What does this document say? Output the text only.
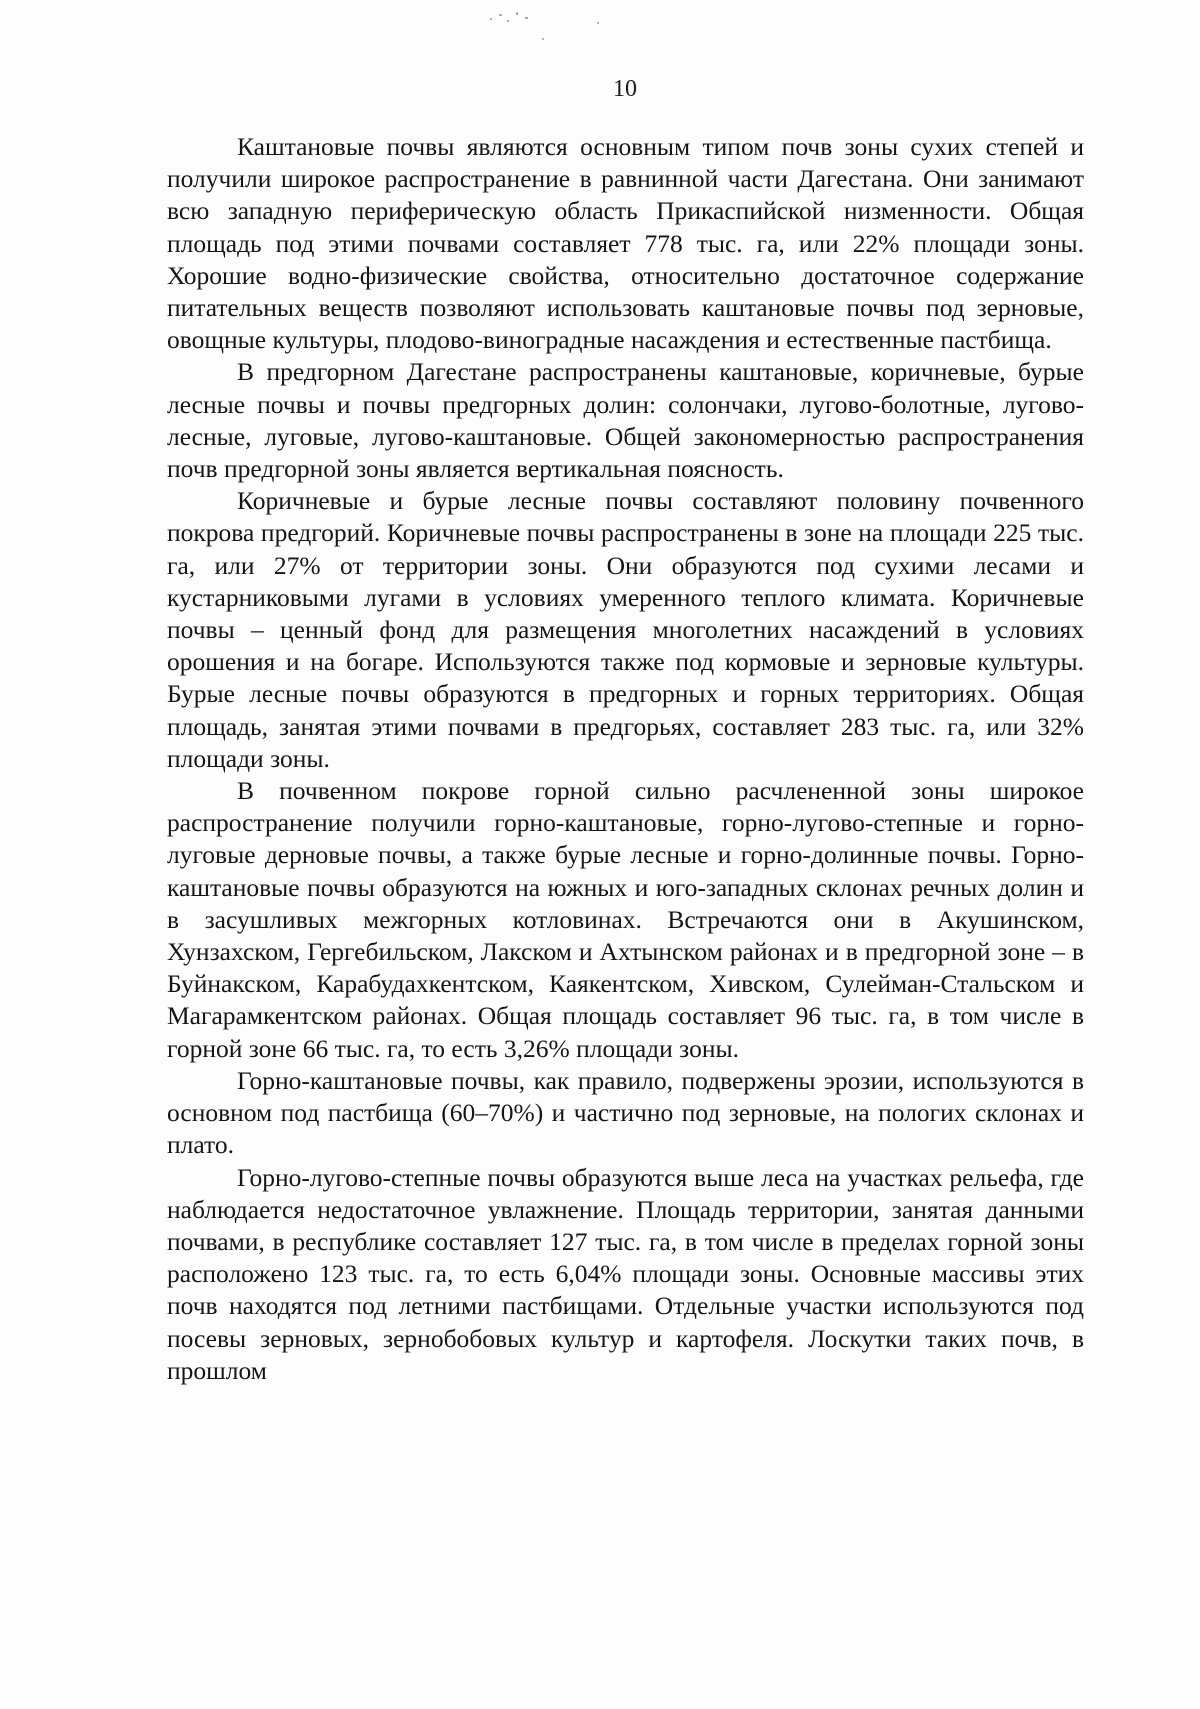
10

Каштановые почвы являются основным типом почв зоны сухих степей и получили широкое распространение в равнинной части Дагестана. Они занимают всю западную периферическую область Прикаспийской низменности. Общая площадь под этими почвами составляет 778 тыс. га, или 22% площади зоны. Хорошие водно-физические свойства, относительно достаточное содержание питательных веществ позволяют использовать каштановые почвы под зерновые, овощные культуры, плодово-виноградные насаждения и естественные пастбища.

В предгорном Дагестане распространены каштановые, коричневые, бурые лесные почвы и почвы предгорных долин: солончаки, лугово-болотные, лугово-лесные, луговые, лугово-каштановые. Общей закономерностью распространения почв предгорной зоны является вертикальная поясность.

Коричневые и бурые лесные почвы составляют половину почвенного покрова предгорий. Коричневые почвы распространены в зоне на площади 225 тыс. га, или 27% от территории зоны. Они образуются под сухими лесами и кустарниковыми лугами в условиях умеренного теплого климата. Коричневые почвы – ценный фонд для размещения многолетних насаждений в условиях орошения и на богаре. Используются также под кормовые и зерновые культуры. Бурые лесные почвы образуются в предгорных и горных территориях. Общая площадь, занятая этими почвами в предгорьях, составляет 283 тыс. га, или 32% площади зоны.

В почвенном покрове горной сильно расчлененной зоны широкое распространение получили горно-каштановые, горно-лугово-степные и горно-луговые дерновые почвы, а также бурые лесные и горно-долинные почвы. Горно-каштановые почвы образуются на южных и юго-западных склонах речных долин и в засушливых межгорных котловинах. Встречаются они в Акушинском, Хунзахском, Гергебильском, Лакском и Ахтынском районах и в предгорной зоне – в Буйнакском, Карабудахкентском, Каякентском, Хивском, Сулейман-Стальском и Магарамкентском районах. Общая площадь составляет 96 тыс. га, в том числе в горной зоне 66 тыс. га, то есть 3,26% площади зоны.

Горно-каштановые почвы, как правило, подвержены эрозии, используются в основном под пастбища (60–70%) и частично под зерновые, на пологих склонах и плато.

Горно-лугово-степные почвы образуются выше леса на участках рельефа, где наблюдается недостаточное увлажнение. Площадь территории, занятая данными почвами, в республике составляет 127 тыс. га, в том числе в пределах горной зоны расположено 123 тыс. га, то есть 6,04% площади зоны. Основные массивы этих почв находятся под летними пастбищами. Отдельные участки используются под посевы зерновых, зернобобовых культур и картофеля. Лоскутки таких почв, в прошлом
